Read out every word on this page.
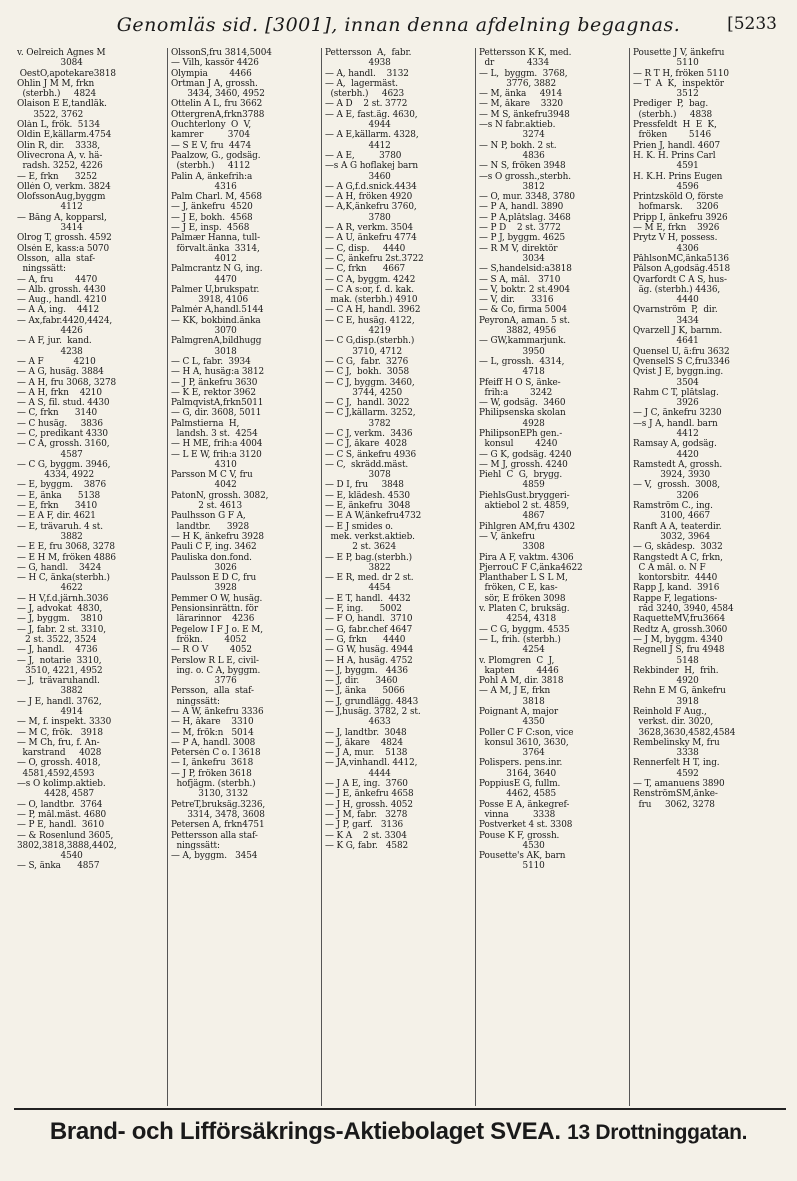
Genomläs sid. [3001], innan denna afdelning begagnas.	[5233
v. Oelreich Agnes M
3084
OestO,apotekare3818
Ohlin J M M, frkn
(sterbh.)     4824
Olaison E E,tandläk.
3522, 3762
Olàn L, frök.  5134
Oldin E,källarm.4754
Olin R, dir.    3338,
Olivecrona A, v. hä-
radsh. 3252, 4226
— E, frkn      3252
Ollén O, verkm. 3824
OlofssonAug,byggm
4112
— Bång A, kopparsl,
3414
Olrog T, grossh. 4592
Olsén E, kass:a 5070
Olsson,  alla  staf-
ningssätt:
— A, fru        4470
— Alb. grossh. 4430
— Aug., handl. 4210
— A A, ing.    4412
— Ax,fabr.4420,4424,
4426
— A F, jur.  kand.
4238
— A F           4210
— A G, husäg. 3884
— A H, fru 3068, 3278
— A H, frkn    4210
— A S, fil. stud. 4430
— C, frkn      3140
— C husäg.     3836
— C, predikant 4330
— C A, grossh. 3160,
4587
— C G, byggm. 3946,
4334, 4922
— E, byggm.    3876
— E, änka      5138
— E, frkn      3410
— E A F, dir. 4621
— E, trävaruh. 4 st.
3882
— E E, fru 3068, 3278
— E H M, fröken 4886
— G, handl.    3424
— H C, änka(sterbh.)
4622
— H V,f.d.järnh.3036
— J, advokat  4830,
— J, byggm.    3810
— J, fabr. 2 st. 3310,
2 st. 3522, 3524
— J, handl.    4736
— J,  notarie  3310,
3510, 4221, 4952
— J,  trävaruhandl.
3882
— J E, handl. 3762,
4914
— M, f. inspekt. 3330
— M C, frök.   3918
— M Ch, fru, f. An-
karstrand     4028
— O, grossh. 4018,
4581,4592,4593
—s O kolimp.aktieb.
4428, 4587
— O, landtbr.  3764
— P, mål.mäst. 4680
— P E, handl.  3610
— & Rosenlund 3605,
3802,3818,3888,4402,
4540
— S, änka      4857
OlssonS,fru 3814,5004
— Vilh, kassör 4426
Olympia        4466
Ortman J A, grossh.
3434, 3460, 4952
Ottelin A L, fru 3662
OttergrenA,frkn3788
Ouchterlony  O  V,
kamrer         3704
— S E V, fru  4474
Paalzow, G., godsäg.
(sterbh.)     4112
Palin A, änkefrih:a
4316
Palm Charl. M, 4568
— J, änkefru  4520
— J E, bokh.  4568
— J E, insp.  4568
Palmær Hanna, tull-
förvalt.änka  3314,
4012
Palmcrantz N G, ing.
4470
Palmer U,brukspatr.
3918, 4106
Palmér A,handl.5144
— KK, bokbind.änka
3070
PalmgrenA,bildhugg
3018
— C L, fabr.  3934
— H A, husäg:a 3812
— J P, änkefru 3630
— K E, rektor 3962
PalmqvistA,frkn5011
— G, dir. 3608, 5011
Palmstierna  H,
landsh. 3 st.  4254
— H ME, frih:a 4004
— L E W, frih:a 3120
4310
Parsson M C V, fru
4042
PatonN, grossh. 3082,
2 st. 4613
Paulhsson G F A,
landtbr.      3928
— H K, änkefru 3928
Pauli C F, ing. 3462
Pauliska don.fond.
3026
Paulsson E D C, fru
3928
Pemmer O W, husäg.
Pensionsinrättn. för
lärarinnor    4236
Pegelow I F J o. E M,
frökn.        4052
— R O V        4052
Perslow R L E, civil-
ing. o. C A, byggm.
3776
Persson,  alla  staf-
ningssätt:
— A W, änkefru 3336
— H, åkare    3310
— M, frök:n   5014
— P A, handl. 3008
Petersén C o. I 3618
— I, änkefru  3618
— J P, fröken 3618
hofjägm. (sterbh.)
3130, 3132
PetreT,bruksäg.3236,
3314, 3478, 3608
Petersen A, frkn4751
Pettersson alla staf-
ningssätt:
— A, byggm.   3454
Pettersson  A,  fabr.
4938
— A, handl.    3132
— A,  lagermäst.
(sterbh.)     4623
— A D    2 st. 3772
— A E, fast.äg. 4630,
4944
— A E,källarm. 4328,
4412
— A E,         3780
—s A G hoflakej barn
3460
— A G,f.d.snick.4434
— A H, fröken 4920
— A,K,änkefru 3760,
3780
— A R, verkm. 3504
— A U, änkefru 4774
— C, disp.     4440
— C, änkefru 2st.3722
— C, frkn      4667
— C A, byggm. 4242
— C A s:or, f. d. kak.
mak. (sterbh.) 4910
— C A H, handl. 3962
— C E, husäg. 4122,
4219
— C G,disp.(sterbh.)
3710, 4712
— C G,  fabr.  3276
— C J,  bokh.  3058
— C J, byggm. 3460,
3744, 4250
— C J,  handl. 3022
— C J,källarm. 3252,
3782
— C J, verkm.  3436
— C J, åkare  4028
— C S, änkefru 4936
— C,  skrädd.mäst.
3078
— D I, fru     3848
— E, klädesh. 4530
— E, änkefru  3048
— E A W,änkefru4732
— E J smides o.
mek. verkst.aktieb.
2 st. 3624
— E P, bag.(sterbh.)
3822
— E R, med. dr 2 st.
4454
— E T, handl.  4432
— F, ing.      5002
— F O, handl.  3710
— G, fabr.chef 4647
— G, frkn      4440
— G W, husäg. 4944
— H A, husäg. 4752
— J, byggm.   4436
— J, dir.      3460
— J, änka      5066
— J, grundlägg. 4843
— J,husäg. 3782, 2 st.
4633
— J, landtbr.  3048
— J, åkare    4824
— J A, mur.    5138
— JA,vinhandl. 4412,
4444
— J A E, ing.  3760
— J E, änkefru 4658
— J H, grossh. 4052
— J M, fabr.   3278
— J P, garf.   3136
— K A    2 st. 3304
— K G, fabr.   4582
Pettersson K K, med.
dr            4334
— L,  byggm.  3768,
3776, 3882
— M, änka     4914
— M, åkare    3320
— M S, änkefru3948
—s N fabr.aktieb.
3274
— N P, bokh. 2 st.
4836
— N S, fröken 3948
—s O grossh.,sterbh.
3812
— O, mur. 3348, 3780
— P A, handl. 3890
— P A,plåtslag. 3468
— P D    2 st. 3772
— P J, byggm. 4625
— R M V, direktör
3034
— S,handelsid:a3818
— S A, mål.   3710
— V, boktr. 2 st.4904
— V, dir.      3316
— & Co, firma 5004
PeyronA, aman. 5 st.
3882, 4956
— GW,kammarjunk.
3950
— L, grossh.  4314,
4718
Pfeiff H O S, änke-
frih:a        3242
— W, godsäg.  3460
Philipsenska skolan
4928
PhilipsonEPh gen.-
konsul        4240
— G K, godsäg. 4240
— M J, grossh. 4240
Piehl  C  G,  brygg.
4859
PiehlsGust.bryggeri-
aktiebol 2 st. 4859,
4867
Pihlgren AM,fru 4302
— V, änkefru
3308
Pira A F, vaktm. 4306
PjerrouC F C,änka4622
Planthaber L S L M,
fröken, C E, kas-
sör, E fröken 3098
v. Platen C, bruksäg.
4254, 4318
— C G, byggm. 4535
— L, frih. (sterbh.)
4254
v. Plomgren  C  J,
kapten        4446
Pohl A M, dir. 3818
— A M, J E, frkn
3818
Poignant A, major
4350
Poller C F C:son, vice
konsul 3610, 3630,
3764
Polispers. pens.inr.
3164, 3640
PoppiusE G, fullm.
4462, 4585
Posse E A, änkegref-
vinna         3338
Postverket 4 st. 3308
Pouse K F, grossh.
4530
Pousette's AK, barn
5110
Pousette J V, änkefru
5110
— R T H, fröken 5110
— T  A  K,  inspektör
3512
Prediger  P,  bag.
(sterbh.)     4838
Pressfeldt  H  E  K,
fröken        5146
Prien J, handl. 4607
H. K. H. Prins Carl
4591
H. K.H. Prins Eugen
4596
Printzsköld O, förste
hofmarsk.     3206
Pripp I, änkefru 3926
— M E, frkn    3926
Prytz V H, possess.
4306
PåhlsonMC,änka5136
Pålson A,godsäg.4518
Qvarfordt C A S, hus-
äg. (sterbh.) 4436,
4440
Qvarnström  P,  dir.
3434
Qvarzell J K, barnm.
4641
Quensel U, ä:fru 3632
QvenselS S C,fru3346
Qvist J E, byggn.ing.
3504
Rahm C T, plåtslag.
3926
— J C, änkefru 3230
—s J A, handl. barn
4412
Ramsay A, godsäg.
4420
Ramstedt A, grossh.
3924, 3930
— V,  grossh.  3008,
3206
Ramström C., ing.
3100, 4667
Ranft A A, teaterdir.
3032, 3964
— G, skådesp.  3032
Rangstedt A C, frkn,
C A mål. o. N F
kontorsbitr.  4440
Rapp J, kand.  3916
Rappe F, legations-
råd 3240, 3940, 4584
RaquetteMV,fru3664
Redtz A, grossh.3060
— J M, byggm. 4340
Regnell J S, fru 4948
5148
Rekbinder  H,  frih.
4920
Rehn E M G, änkefru
3918
Reinhold F Aug.,
verkst. dir. 3020,
3628,3630,4582,4584
Rembelinsky M, fru
3338
Rennerfelt H T, ing.
4592
— T, amanuens 3890
RenströmSM,änke-
fru     3062, 3278
Brand- och Lifförsäkrings-Aktiebolaget SVEA. 13 Drottninggatan.
